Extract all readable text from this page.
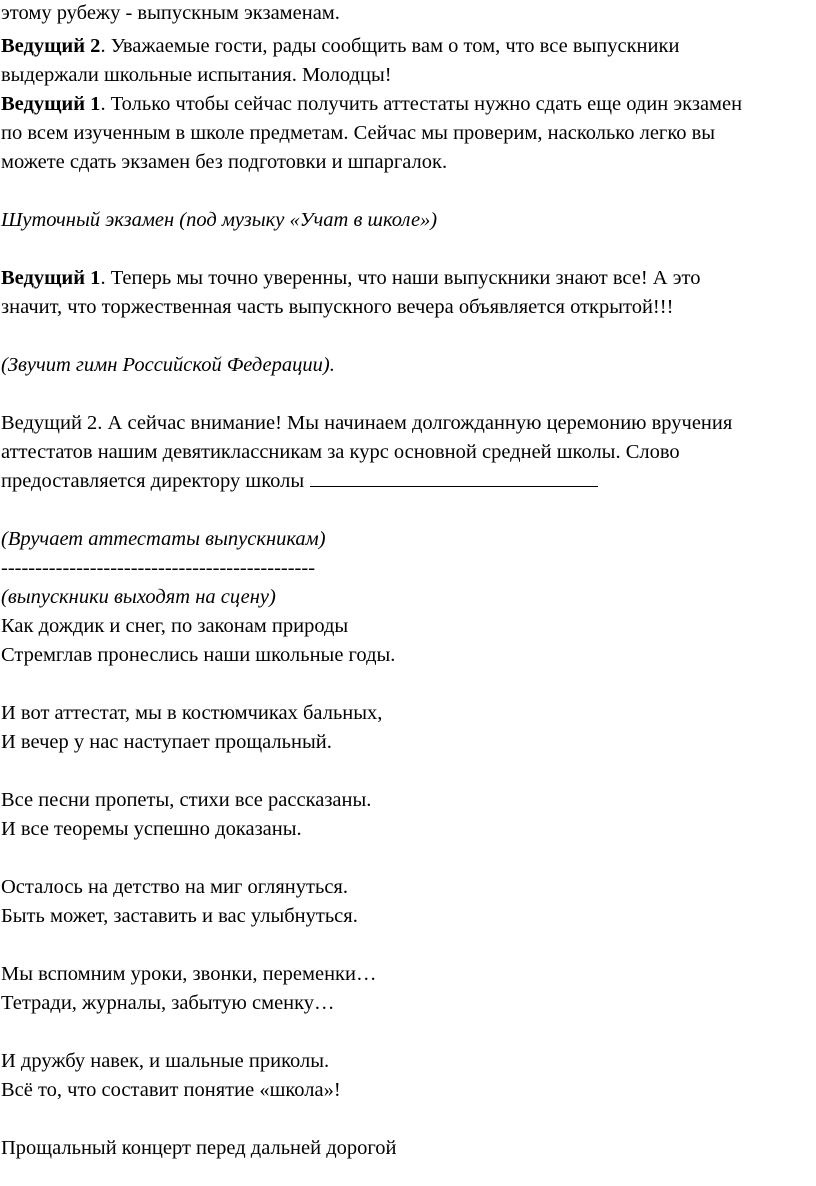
этому рубежу - выпускным экзаменам.
Ведущий 2. Уважаемые гости, рады сообщить вам о том, что все выпускники
выдержали школьные испытания. Молодцы!
Ведущий 1. Только чтобы сейчас получить аттестаты нужно сдать еще один экзамен
по всем изученным в школе предметам. Сейчас мы проверим, насколько легко вы
можете сдать экзамен без подготовки и шпаргалок.
Шуточный экзамен (под музыку «Учат в школе»)
Ведущий 1. Теперь мы точно уверенны, что наши выпускники знают все! А это
значит, что торжественная часть выпускного вечера объявляется открытой!!!
(Звучит гимн Российской Федерации).
Ведущий 2. А сейчас внимание! Мы начинаем долгожданную церемонию вручения
аттестатов нашим девятиклассникам за курс основной средней школы. Слово
предоставляется директору школы
(Вручает аттестаты выпускникам)
----------------------------------------------
(выпускники выходят на сцену)
Как дождик и снег, по законам природы
Стремглав пронеслись наши школьные годы.
И вот аттестат, мы в костюмчиках бальных,
И вечер у нас наступает прощальный.
Все песни пропеты, стихи все рассказаны.
И все теоремы успешно доказаны.
Осталось на детство на миг оглянуться.
Быть может, заставить и вас улыбнуться.
Мы вспомним уроки, звонки, переменки…
Тетради, журналы, забытую сменку…
И дружбу навек, и шальные приколы.
Всё то, что составит понятие «школа»!
Прощальный концерт перед дальней дорогой
